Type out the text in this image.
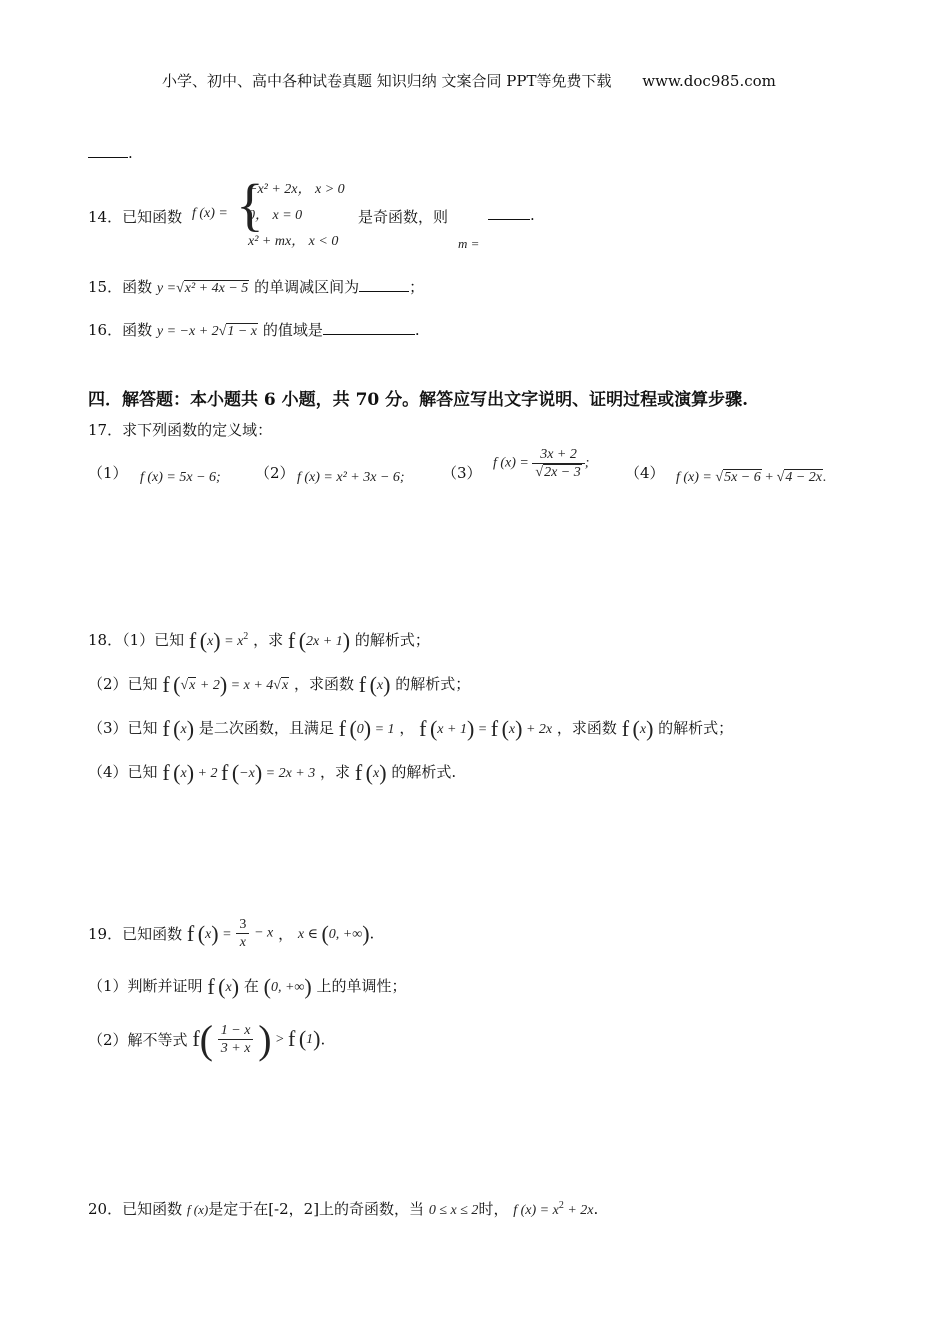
小学、初中、高中各种试卷真题 知识归纳 文案合同 PPT等免费下载 www.doc985.com
.
14．已知函数 f (x) = {
−x² + 2x， x > 0
0， x = 0
x² + mx， x < 0
是奇函数，则	.
m =
15．函数 y =√x² + 4x − 5 的单调减区间为	；
16．函数 y = −x + 2√1 − x 的值域是	.
四．解答题：本小题共 6 小题，共 70 分。解答应写出文字说明、证明过程或演算步骤.
17．求下列函数的定义域：
（1） f (x) = 5x − 6; （2） f (x) = x² + 3x − 6; （3）
f $(x) = \frac{3x + 2}{√2x - 3}$ ;
（4） f (x) = √5x − 6 + √4 − 2x.
18．（1）已知 f $(x) = x^2$ ，求 f (2x + 1) 的解析式；
（2）已知 f (√x + 2) = x + 4√x ，求函数 f (x) 的解析式；
（3）已知 f (x) 是二次函数，且满足 f (0) = 1 ， f (x + 1) = f (x) + 2x ，求函数 f (x) 的解析式；
（4）已知 f (x) + 2 f (−x) = 2x + 3 ，求 f (x) 的解析式.
19．已知函数 f $(x) = \frac{3}{x} - x$ ， x ∈ (0, +∞).
（1）判断并证明 f (x) 在 (0, +∞) 上的单调性；
（2）解不等式 $f( \frac{1 - x}{3 + x}$ ) > f (1).
20．已知函数 f (x)是定于在[-2，2]上的奇函数，当 0 ≤ x ≤ 2时， f $(x) = x^2 + 2x$.
